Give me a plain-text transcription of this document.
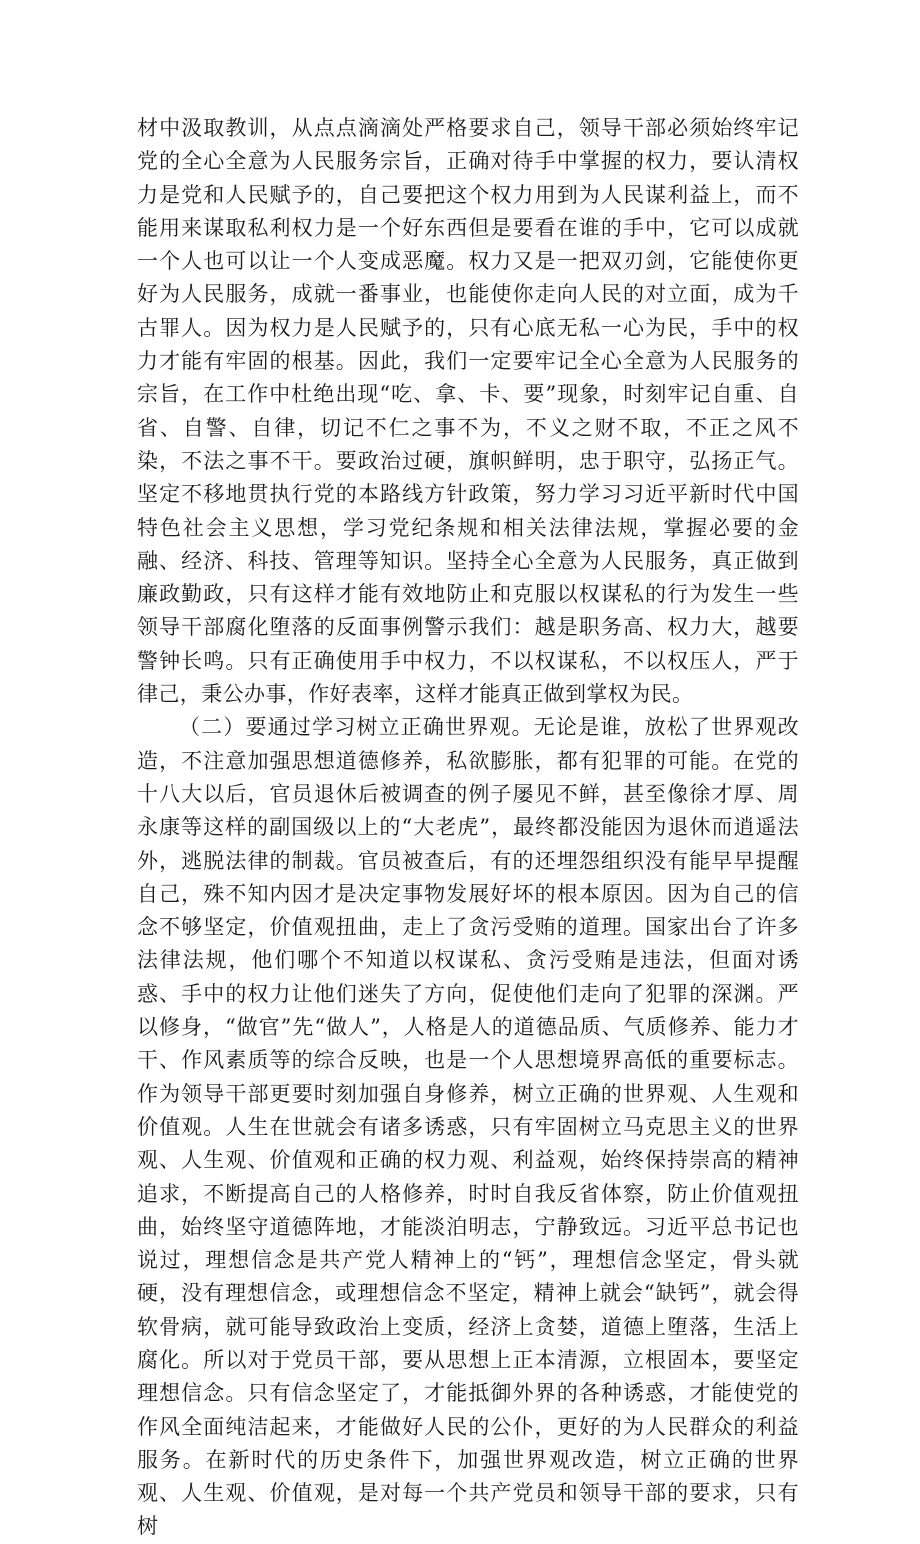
材中汲取教训，从点点滴滴处严格要求自己，领导干部必须始终牢记党的全心全意为人民服务宗旨，正确对待手中掌握的权力，要认清权力是党和人民赋予的，自己要把这个权力用到为人民谋利益上，而不能用来谋取私利权力是一个好东西但是要看在谁的手中，它可以成就一个人也可以让一个人变成恶魔。权力又是一把双刃剑，它能使你更好为人民服务，成就一番事业，也能使你走向人民的对立面，成为千古罪人。因为权力是人民赋予的，只有心底无私一心为民，手中的权力才能有牢固的根基。因此，我们一定要牢记全心全意为人民服务的宗旨，在工作中杜绝出现“吃、拿、卡、要”现象，时刻牢记自重、自省、自警、自律，切记不仁之事不为，不义之财不取，不正之风不染，不法之事不干。要政治过硬，旗帜鲜明，忠于职守，弘扬正气。坚定不移地贯执行党的本路线方针政策，努力学习习近平新时代中国特色社会主义思想，学习党纪条规和相关法律法规，掌握必要的金融、经济、科技、管理等知识。坚持全心全意为人民服务，真正做到廉政勤政，只有这样才能有效地防止和克服以权谋私的行为发生一些领导干部腐化堕落的反面事例警示我们：越是职务高、权力大，越要警钟长鸣。只有正确使用手中权力，不以权谋私，不以权压人，严于律己，秉公办事，作好表率，这样才能真正做到掌权为民。

（二）要通过学习树立正确世界观。无论是谁，放松了世界观改造，不注意加强思想道德修养，私欲膨胀，都有犯罪的可能。在党的十八大以后，官员退休后被调查的例子屡见不鲜，甚至像徐才厚、周永康等这样的副国级以上的“大老虎”，最终都没能因为退休而逍遥法外，逃脱法律的制裁。官员被查后，有的还埋怨组织没有能早早提醒自己，殊不知内因才是决定事物发展好坏的根本原因。因为自己的信念不够坚定，价值观扭曲，走上了贪污受贿的道理。国家出台了许多法律法规，他们哪个不知道以权谋私、贪污受贿是违法，但面对诱惑、手中的权力让他们迷失了方向，促使他们走向了犯罪的深渊。严以修身，“做官”先“做人”，人格是人的道德品质、气质修养、能力才干、作风素质等的综合反映，也是一个人思想境界高低的重要标志。作为领导干部更要时刻加强自身修养，树立正确的世界观、人生观和价值观。人生在世就会有诸多诱惑，只有牢固树立马克思主义的世界观、人生观、价值观和正确的权力观、利益观，始终保持崇高的精神追求，不断提高自己的人格修养，时时自我反省体察，防止价值观扭曲，始终坚守道德阵地，才能淡泊明志，宁静致远。习近平总书记也说过，理想信念是共产党人精神上的“钙”，理想信念坚定，骨头就硬，没有理想信念，或理想信念不坚定，精神上就会“缺钙”，就会得软骨病，就可能导致政治上变质，经济上贪婪，道德上堕落，生活上腐化。所以对于党员干部，要从思想上正本清源，立根固本，要坚定理想信念。只有信念坚定了，才能抵御外界的各种诱惑，才能使党的作风全面纯洁起来，才能做好人民的公仆，更好的为人民群众的利益服务。在新时代的历史条件下，加强世界观改造，树立正确的世界观、人生观、价值观，是对每一个共产党员和领导干部的要求，只有树
